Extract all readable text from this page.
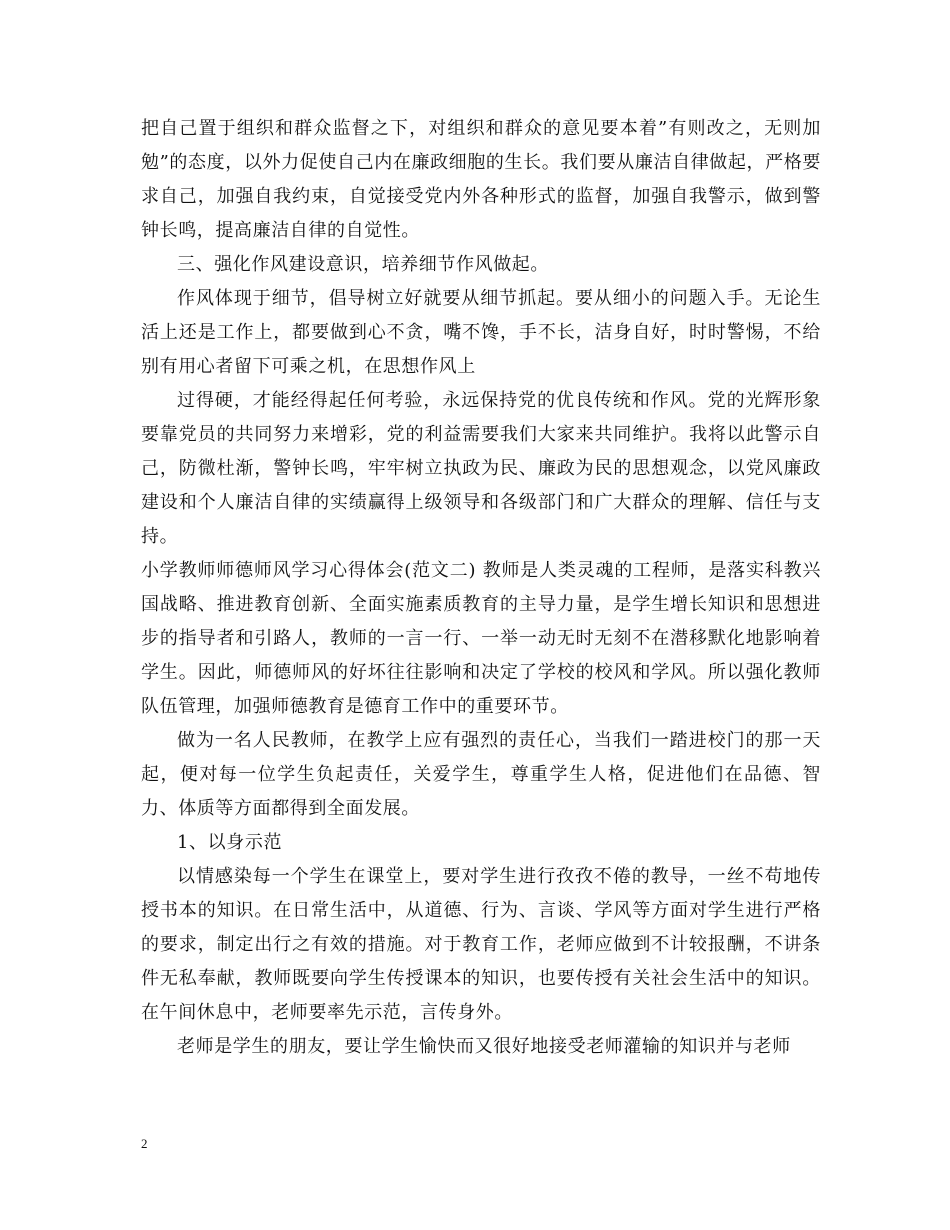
把自己置于组织和群众监督之下，对组织和群众的意见要本着”有则改之，无则加勉”的态度，以外力促使自己内在廉政细胞的生长。我们要从廉洁自律做起，严格要求自己，加强自我约束，自觉接受党内外各种形式的监督，加强自我警示，做到警钟长鸣，提高廉洁自律的自觉性。

三、强化作风建设意识，培养细节作风做起。

作风体现于细节，倡导树立好就要从细节抓起。要从细小的问题入手。无论生活上还是工作上，都要做到心不贪，嘴不馋，手不长，洁身自好，时时警惕，不给别有用心者留下可乘之机，在思想作风上

过得硬，才能经得起任何考验，永远保持党的优良传统和作风。党的光辉形象要靠党员的共同努力来增彩，党的利益需要我们大家来共同维护。我将以此警示自己，防微杜渐，警钟长鸣，牢牢树立执政为民、廉政为民的思想观念，以党风廉政建设和个人廉洁自律的实绩赢得上级领导和各级部门和广大群众的理解、信任与支持。

小学教师师德师风学习心得体会(范文二) 教师是人类灵魂的工程师，是落实科教兴国战略、推进教育创新、全面实施素质教育的主导力量，是学生增长知识和思想进步的指导者和引路人，教师的一言一行、一举一动无时无刻不在潜移默化地影响着学生。因此，师德师风的好坏往往影响和决定了学校的校风和学风。所以强化教师队伍管理，加强师德教育是德育工作中的重要环节。

做为一名人民教师，在教学上应有强烈的责任心，当我们一踏进校门的那一天起，便对每一位学生负起责任，关爱学生，尊重学生人格，促进他们在品德、智力、体质等方面都得到全面发展。

1、以身示范

以情感染每一个学生在课堂上，要对学生进行孜孜不倦的教导，一丝不苟地传授书本的知识。在日常生活中，从道德、行为、言谈、学风等方面对学生进行严格的要求，制定出行之有效的措施。对于教育工作，老师应做到不计较报酬，不讲条件无私奉献，教师既要向学生传授课本的知识，也要传授有关社会生活中的知识。在午间休息中，老师要率先示范，言传身外。

老师是学生的朋友，要让学生愉快而又很好地接受老师灌输的知识并与老师

2
